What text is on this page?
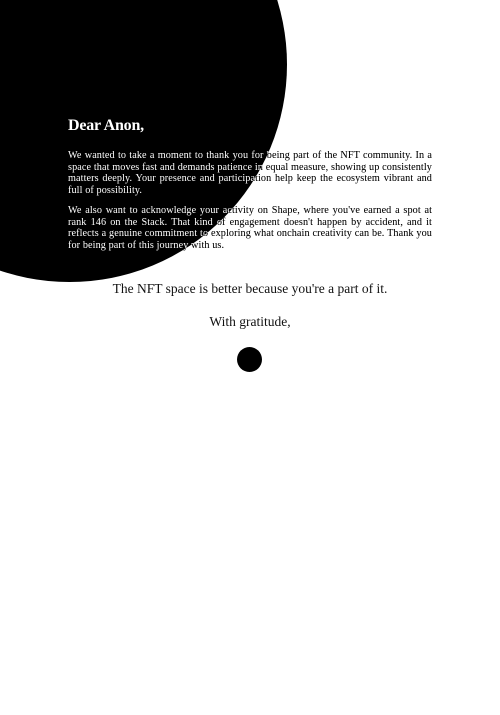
Dear Anon,

We wanted to take a moment to thank you for being part of the NFT community. In a space that moves fast and demands patience in equal measure, showing up consistently matters deeply. Your presence and participation help keep the ecosystem vibrant and full of possibility.

We also want to acknowledge your activity on Shape, where you've earned a spot at rank 146 on the Stack. That kind of engagement doesn't happen by accident, and it reflects a genuine commitment to exploring what onchain creativity can be. Thank you for being part of this journey with us.

The NFT space is better because you're a part of it.
With gratitude,
